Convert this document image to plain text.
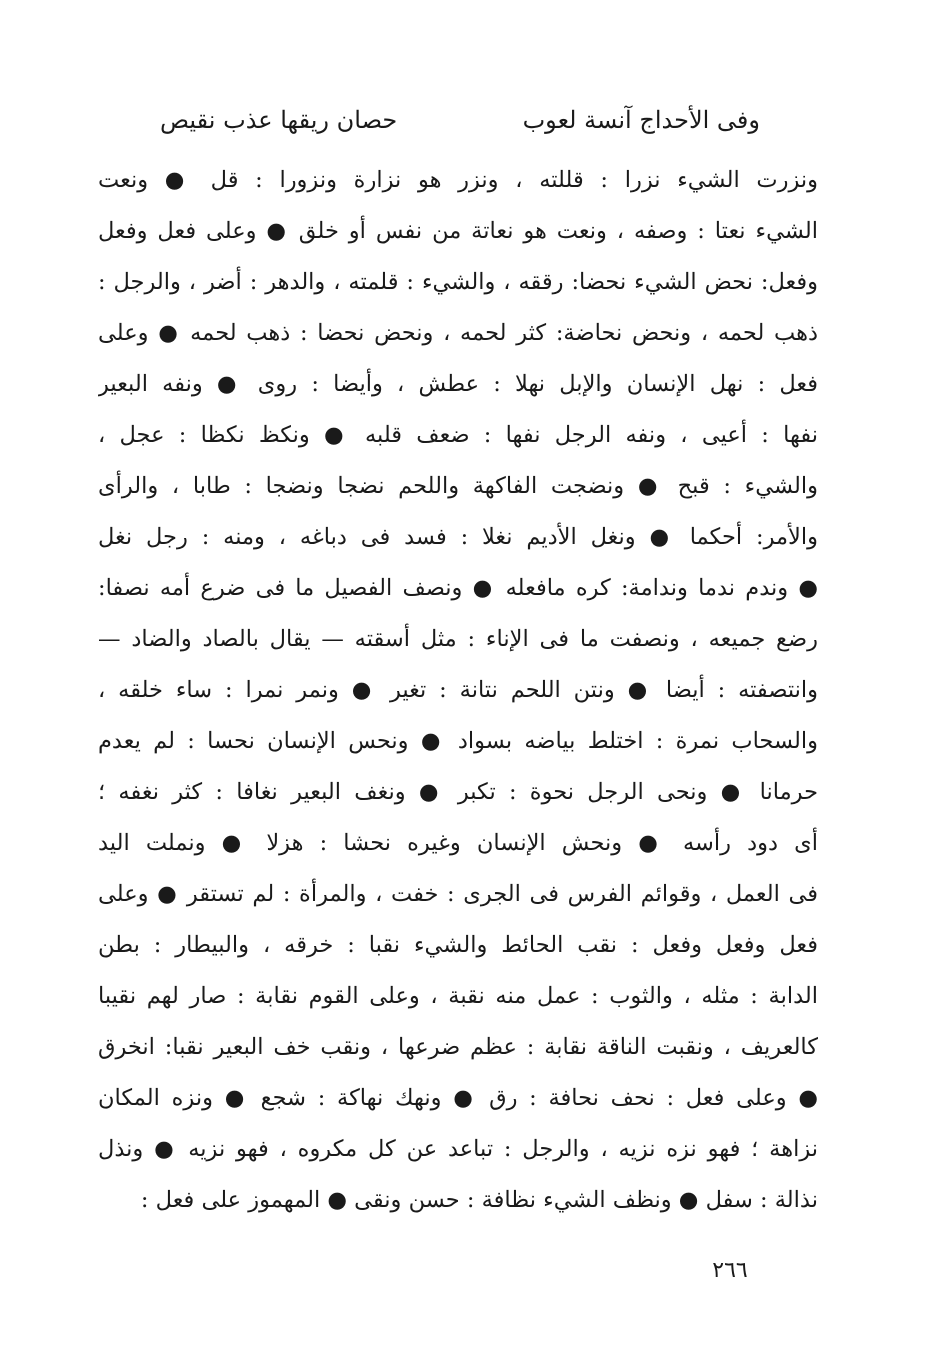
وفى الأحداج آنسة لعوب
حصان ريقها عذب نقيص
ونزرت الشيء نزرا : قللته ، ونزر هو نزارة ونزورا : قل ● ونعت
الشيء نعتا : وصفه ، ونعت هو نعاتة من نفس أو خلق ● وعلى فعل وفعل
وفعل: نحض الشيء نحضا: رققه ، والشيء : قلمته ، والدهر : أضر ، والرجل :
ذهب لحمه ، ونحض نحاضة: كثر لحمه ، ونحض نحضا : ذهب لحمه ● وعلى
فعل : نهل الإنسان والإبل نهلا : عطش ، وأيضا : روى ● ونفه البعير
نفها : أعيى ، ونفه الرجل نفها : ضعف قلبه ● ونكظ نكظا : عجل ،
والشيء : قبح ● ونضجت الفاكهة واللحم نضجا ونضجا : طابا ، والرأى
والأمر: أحكما ● ونغل الأديم نغلا : فسد فى دباغه ، ومنه : رجل نغل
● وندم ندما وندامة: كره مافعله ● ونصف الفصيل ما فى ضرع أمه نصفا:
رضع جميعه ، ونصفت ما فى الإناء : مثل أسقته — يقال بالصاد والضاد —
وانتصفته : أيضا ● ونتن اللحم نتانة : تغير ● ونمر نمرا : ساء خلقه ،
والسحاب نمرة : اختلط بياضه بسواد ● ونحس الإنسان نحسا : لم يعدم
حرمانا ● ونحى الرجل نحوة : تكبر ● ونغف البعير نغافا : كثر نغفه ؛
أى دود رأسه ● ونحش الإنسان وغيره نحشا : هزلا ● ونملت اليد
فى العمل ، وقوائم الفرس فى الجرى : خفت ، والمرأة : لم تستقر ● وعلى
فعل وفعل وفعل : نقب الحائط والشيء نقبا : خرقه ، والبيطار : بطن
الدابة : مثله ، والثوب : عمل منه نقبة ، وعلى القوم نقابة : صار لهم نقيبا
كالعريف ، ونقبت الناقة نقابة : عظم ضرعها ، ونقب خف البعير نقبا: انخرق
● وعلى فعل : نحف نحافة : رق ● ونهك نهاكة : شجع ● ونزه المكان
نزاهة ؛ فهو نزه نزيه ، والرجل : تباعد عن كل مكروه ، فهو نزيه ● ونذل
نذالة : سفل ● ونظف الشيء نظافة : حسن ونقى ● المهموز على فعل :
٢٦٦
